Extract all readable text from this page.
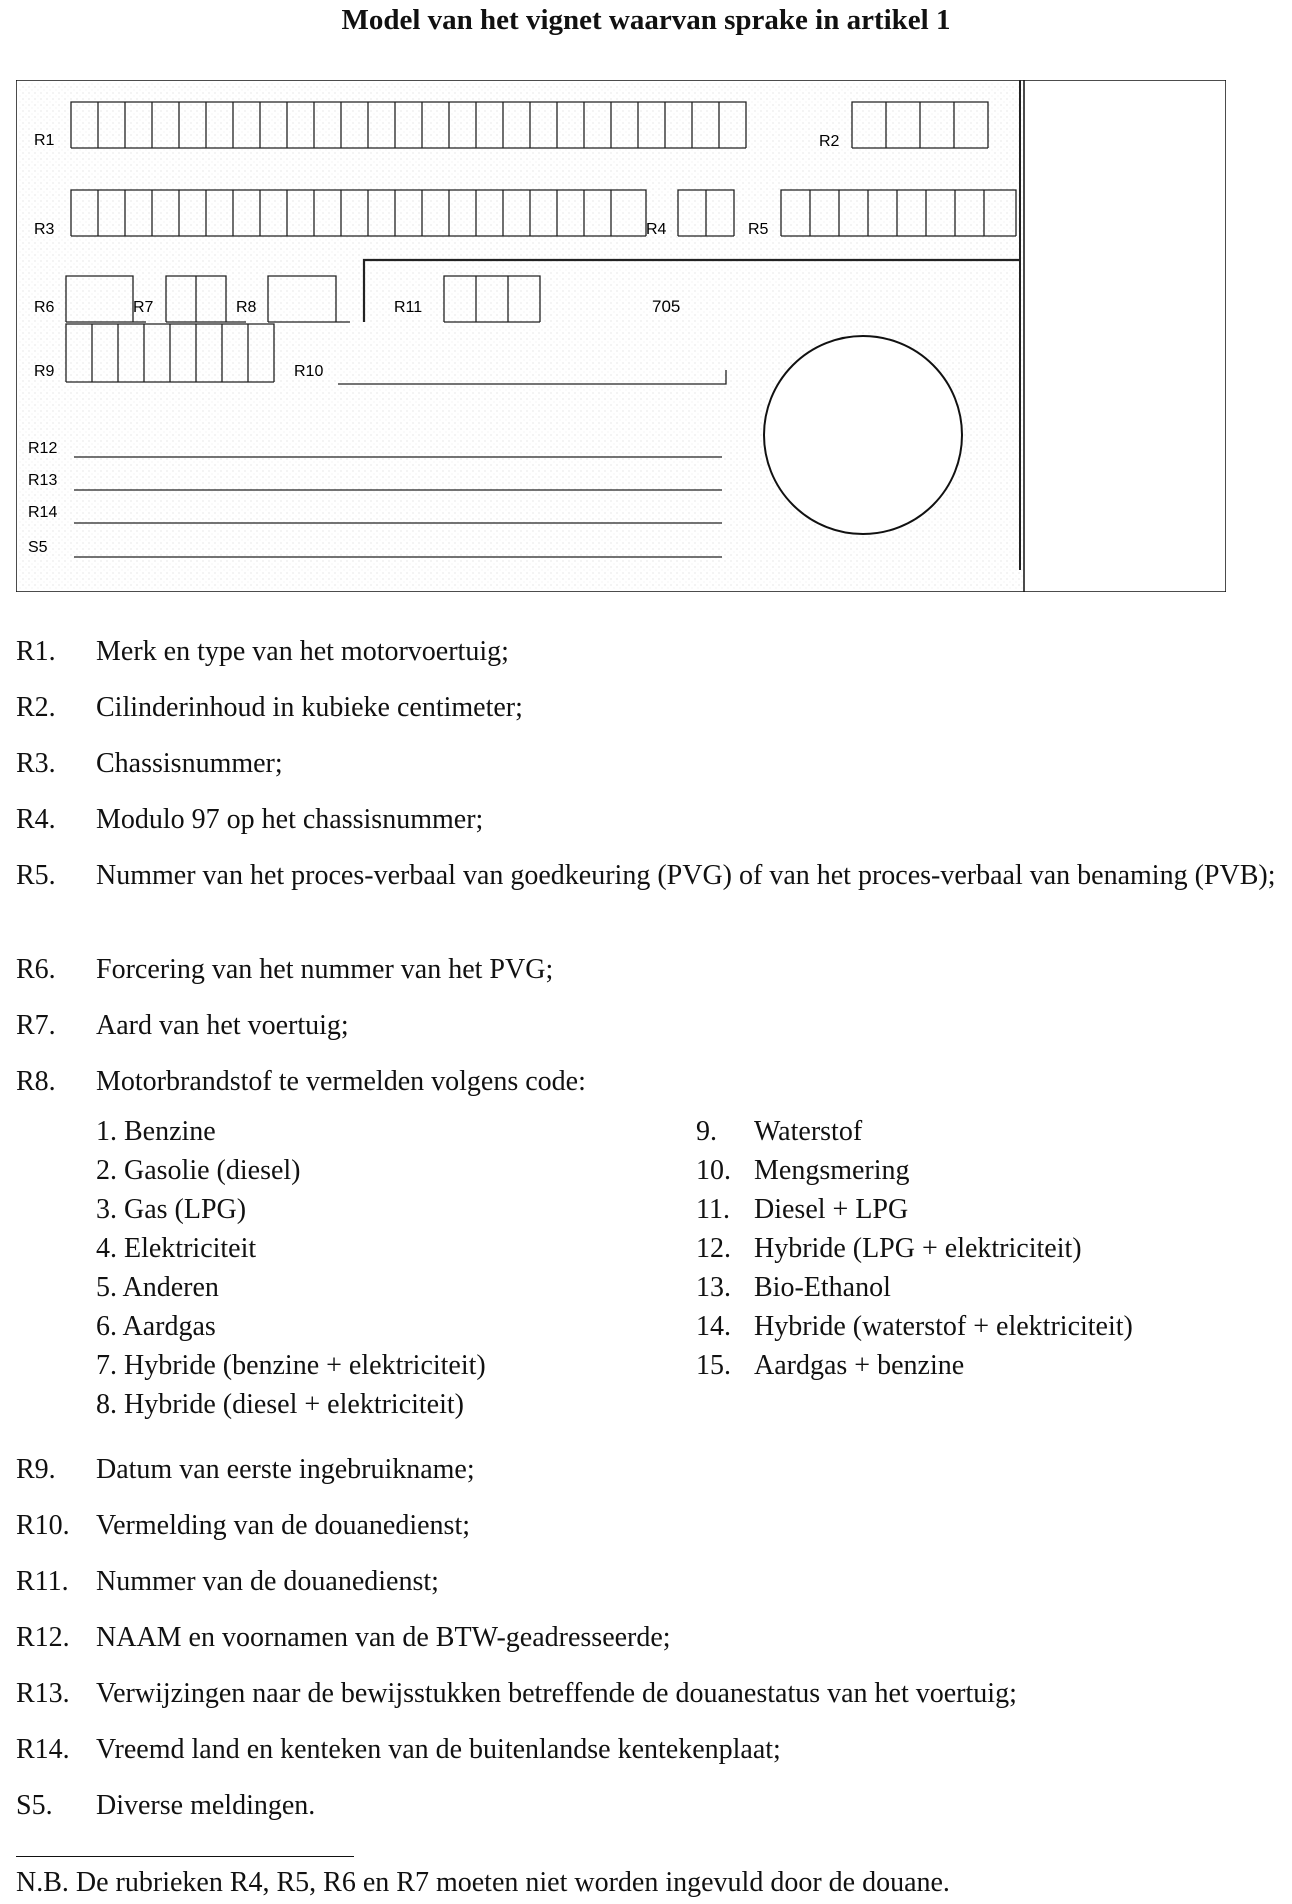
Model van het vignet waarvan sprake in artikel 1
R1	R2
R3	R4	R5
R6	R7	R8	R11	705
R9	R10
R12
R13
R14
S5
R1.	Merk en type van het motorvoertuig;
R2.	Cilinderinhoud in kubieke centimeter;
R3.	Chassisnummer;
R4.	Modulo 97 op het chassisnummer;
R5.	Nummer van het proces-verbaal van goedkeuring (PVG) of van het proces-verbaal van benaming (PVB);
R6.	Forcering van het nummer van het PVG;
R7.	Aard van het voertuig;
R8.	Motorbrandstof te vermelden volgens code:
1. Benzine
2. Gasolie (diesel)
3. Gas (LPG)
4. Elektriciteit
5. Anderen
6. Aardgas
7. Hybride (benzine + elektriciteit)
8. Hybride (diesel + elektriciteit)
9. Waterstof
10. Mengsmering
11. Diesel + LPG
12. Hybride (LPG + elektriciteit)
13. Bio-Ethanol
14. Hybride (waterstof + elektriciteit)
15. Aardgas + benzine
R9.	Datum van eerste ingebruikname;
R10. Vermelding van de douanedienst;
R11. Nummer van de douanedienst;
R12. NAAM en voornamen van de BTW-geadresseerde;
R13. Verwijzingen naar de bewijsstukken betreffende de douanestatus van het voertuig;
R14. Vreemd land en kenteken van de buitenlandse kentekenplaat;
S5.	Diverse meldingen.
N.B. De rubrieken R4, R5, R6 en R7 moeten niet worden ingevuld door de douane.
